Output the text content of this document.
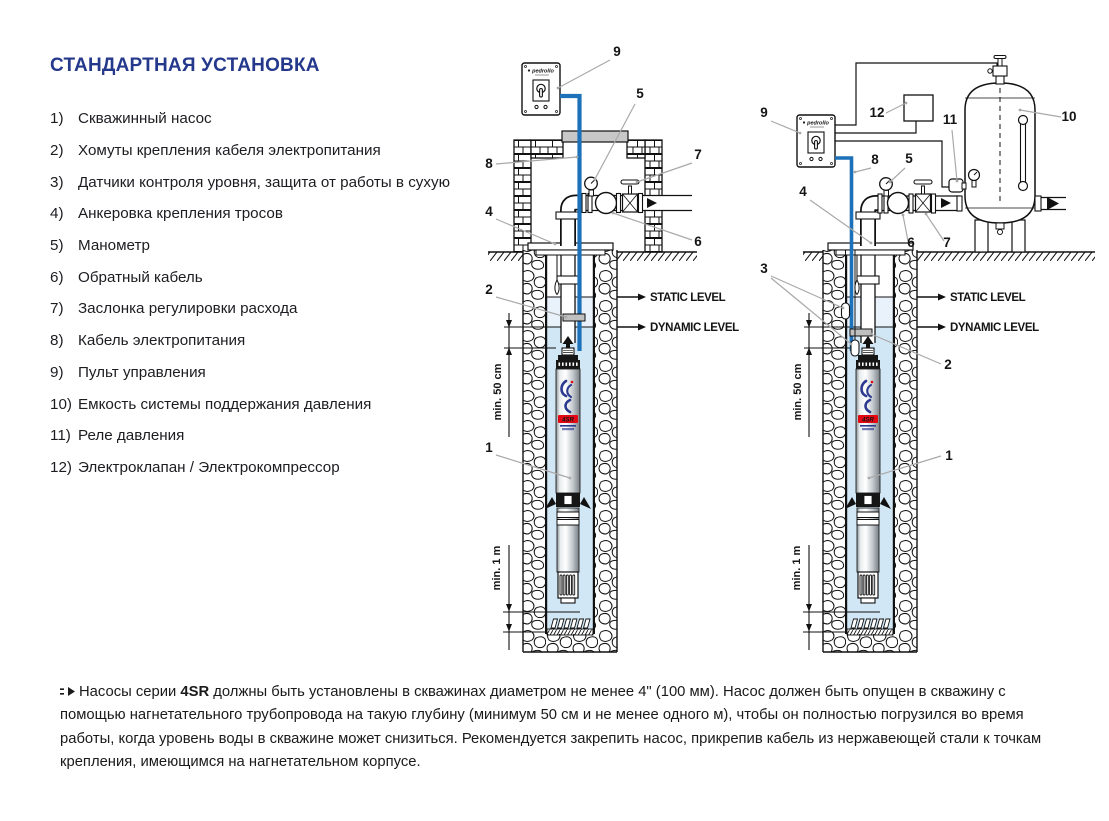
СТАНДАРТНАЯ УСТАНОВКА
1) Скважинный насос
2) Хомуты крепления кабеля электропитания
3) Датчики контроля уровня, защита от работы в сухую
4) Анкеровка крепления тросов
5) Манометр
6) Обратный кабель
7) Заслонка регулировки расхода
8) Кабель электропитания
9) Пульт управления
10) Емкость системы поддержания давления
11) Реле давления
12) Электроклапан / Электрокомпрессор
4SR
pedrollo
9
5
8
7
4
6
2
1
9	12	11	10
8 5
4
6 7
3
2
1
Насосы серии 4SR должны быть установлены в скважинах диаметром не менее 4" (100 мм). Насос должен быть опущен в скважину с помощью нагнетательного трубопровода на такую глубину (минимум 50 см и не менее одного м), чтобы он полностью погрузился во время работы, когда уровень воды в скважине может снизиться. Рекомендуется закрепить насос, прикрепив кабель из нержавеющей стали к точкам крепления, имеющимся на нагнетательном корпусе.
